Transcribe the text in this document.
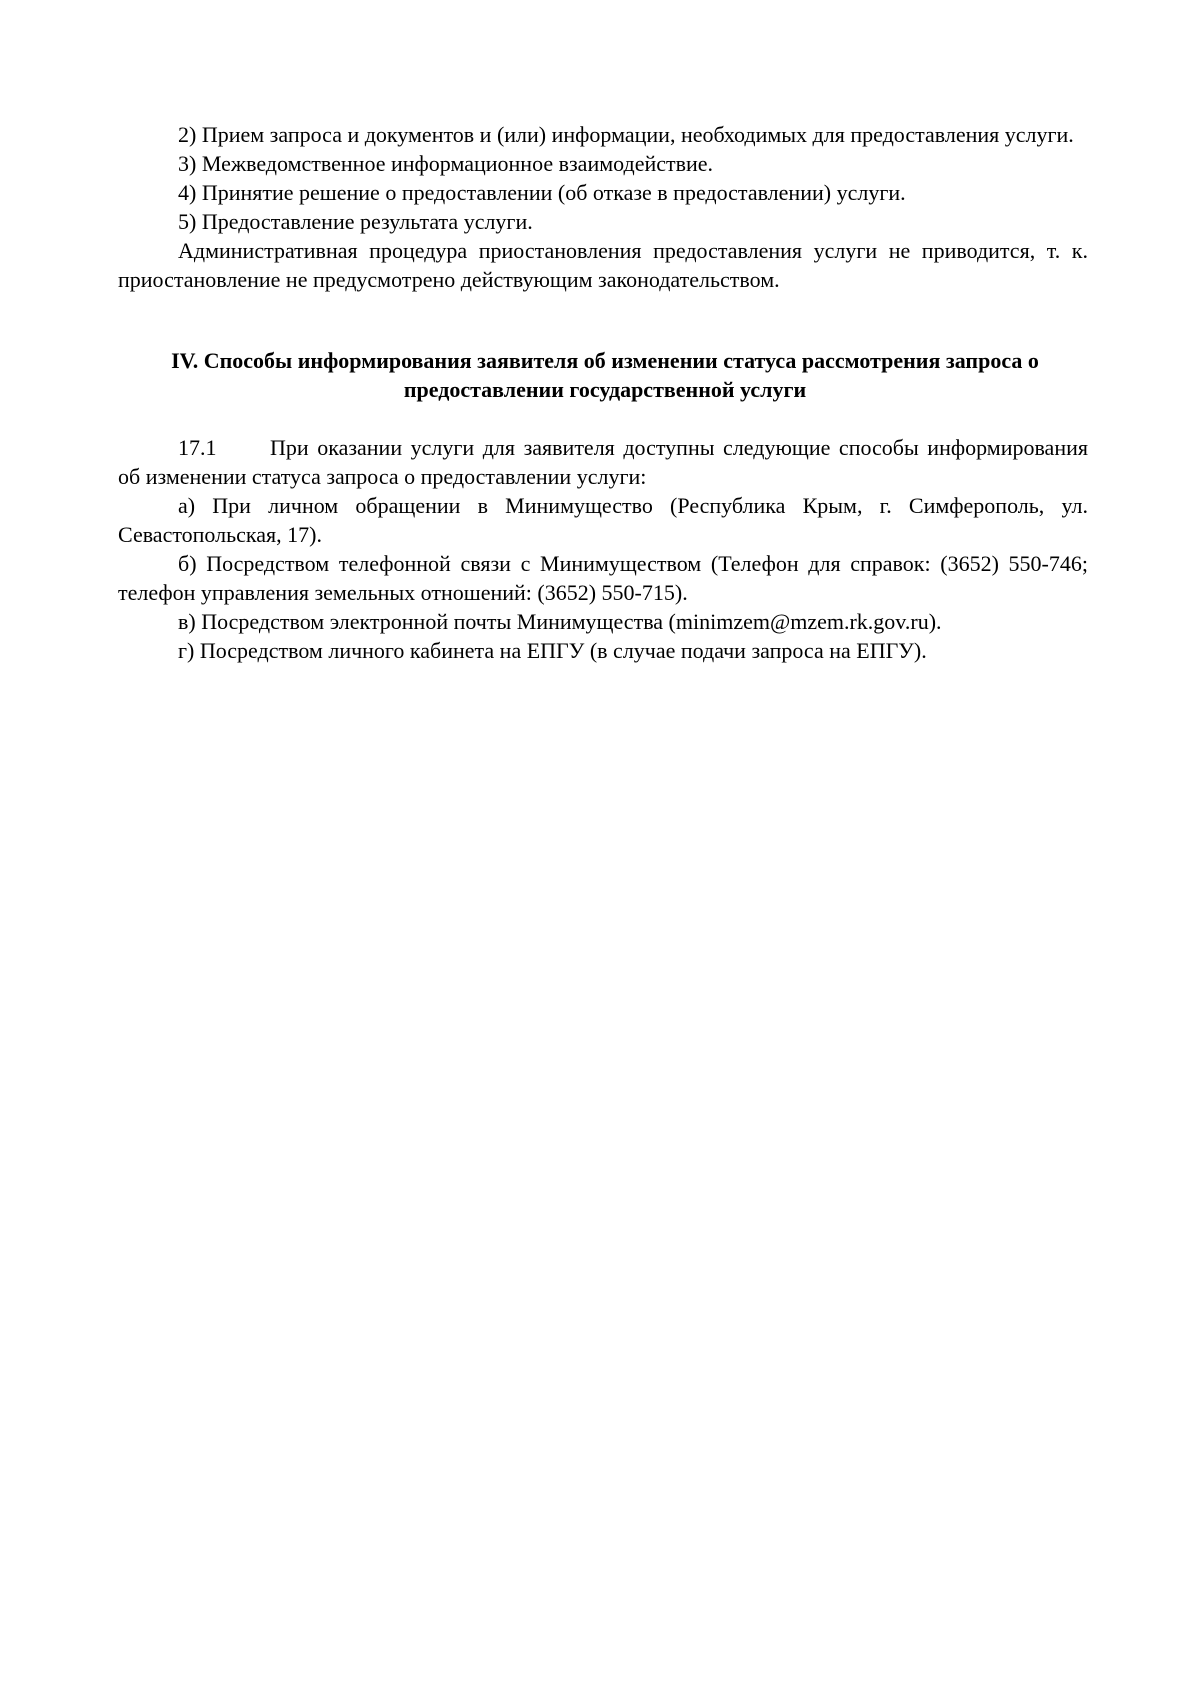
2) Прием запроса и документов и (или) информации, необходимых для предоставления услуги.

3) Межведомственное информационное взаимодействие.

4) Принятие решение о предоставлении (об отказе в предоставлении) услуги.

5) Предоставление результата услуги.

Административная процедура приостановления предоставления услуги не приводится, т. к. приостановление не предусмотрено действующим законодательством.

IV. Способы информирования заявителя об изменении статуса рассмотрения запроса о предоставлении государственной услуги

17.1 При оказании услуги для заявителя доступны следующие способы информирования об изменении статуса запроса о предоставлении услуги:

а) При личном обращении в Минимущество (Республика Крым, г. Симферополь, ул. Севастопольская, 17).

б) Посредством телефонной связи с Минимуществом (Телефон для справок: (3652) 550-746; телефон управления земельных отношений: (3652) 550-715).

в) Посредством электронной почты Минимущества (minimzem@mzem.rk.gov.ru).

г) Посредством личного кабинета на ЕПГУ (в случае подачи запроса на ЕПГУ).
